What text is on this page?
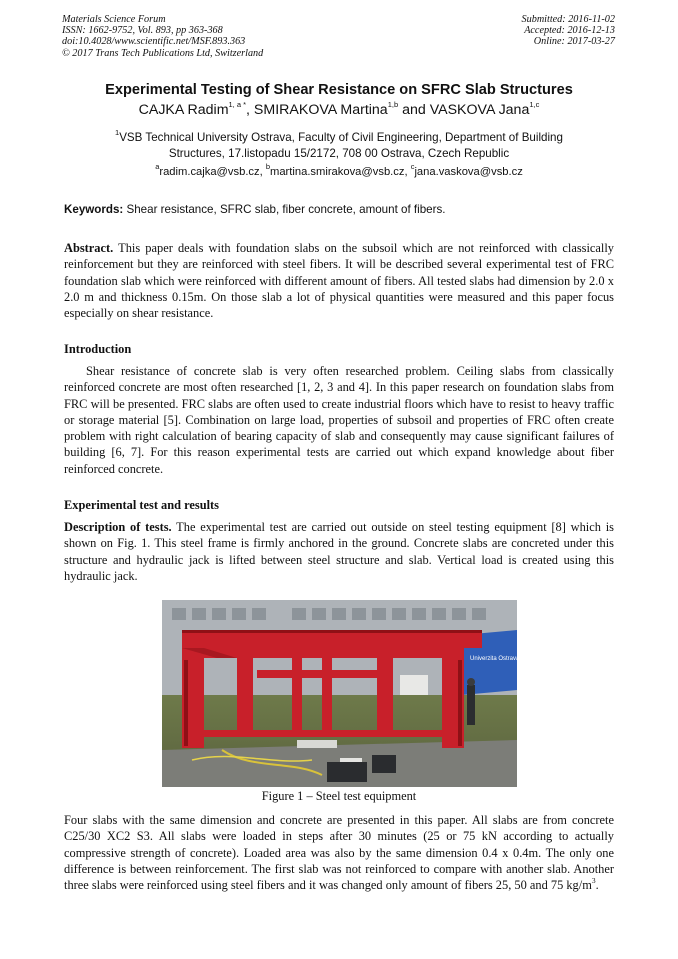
Materials Science Forum
ISSN: 1662-9752, Vol. 893, pp 363-368
doi:10.4028/www.scientific.net/MSF.893.363
© 2017 Trans Tech Publications Ltd, Switzerland
Submitted: 2016-11-02
Accepted: 2016-12-13
Online: 2017-03-27
Experimental Testing of Shear Resistance on SFRC Slab Structures
CAJKA Radim$^{1, a *}$, SMIRAKOVA Martina$^{1,b}$ and VASKOVA Jana$^{1,c}$
$^1$VSB Technical University Ostrava, Faculty of Civil Engineering, Department of Building
Structures, 17.listopadu 15/2172, 708 00 Ostrava, Czech Republic
$^a$radim.cajka@vsb.cz, $^b$martina.smirakova@vsb.cz, $^c$jana.vaskova@vsb.cz
Keywords: Shear resistance, SFRC slab, fiber concrete, amount of fibers.

Abstract. This paper deals with foundation slabs on the subsoil which are not reinforced with classically reinforcement but they are reinforced with steel fibers. It will be described several experimental test of FRC foundation slab which were reinforced with different amount of fibers. All tested slabs had dimension by 2.0 x 2.0 m and thickness 0.15m. On those slab a lot of physical quantities were measured and this paper focus especially on shear resistance.

Introduction

Shear resistance of concrete slab is very often researched problem. Ceiling slabs from classically reinforced concrete are most often researched [1, 2, 3 and 4]. In this paper research on foundation slabs from FRC will be presented. FRC slabs are often used to create industrial floors which have to resist to heavy traffic or storage material [5]. Combination on large load, properties of subsoil and properties of FRC often create problem with right calculation of bearing capacity of slab and consequently may cause significant failures of building [6, 7]. For this reason experimental tests are carried out which expand knowledge about fiber reinforced concrete.

Experimental test and results

Description of tests. The experimental test are carried out outside on steel testing equipment [8] which is shown on Fig. 1. This steel frame is firmly anchored in the ground. Concrete slabs are concreted under this structure and hydraulic jack is lifted between steel structure and slab. Vertical load is created using this hydraulic jack.

Univerzita Ostrava, Fakult
Figure 1 – Steel test equipment

Four slabs with the same dimension and concrete are presented in this paper. All slabs are from concrete C25/30 XC2 S3. All slabs were loaded in steps after 30 minutes (25 or 75 kN according to actually compressive strength of concrete). Loaded area was also by the same dimension 0.4 x 0.4m. The only one difference is between reinforcement. The first slab was not reinforced to compare with another slab. Another three slabs were reinforced using steel fibers and it was changed only amount of fibers 25, 50 and 75 $kg/m^3$.
